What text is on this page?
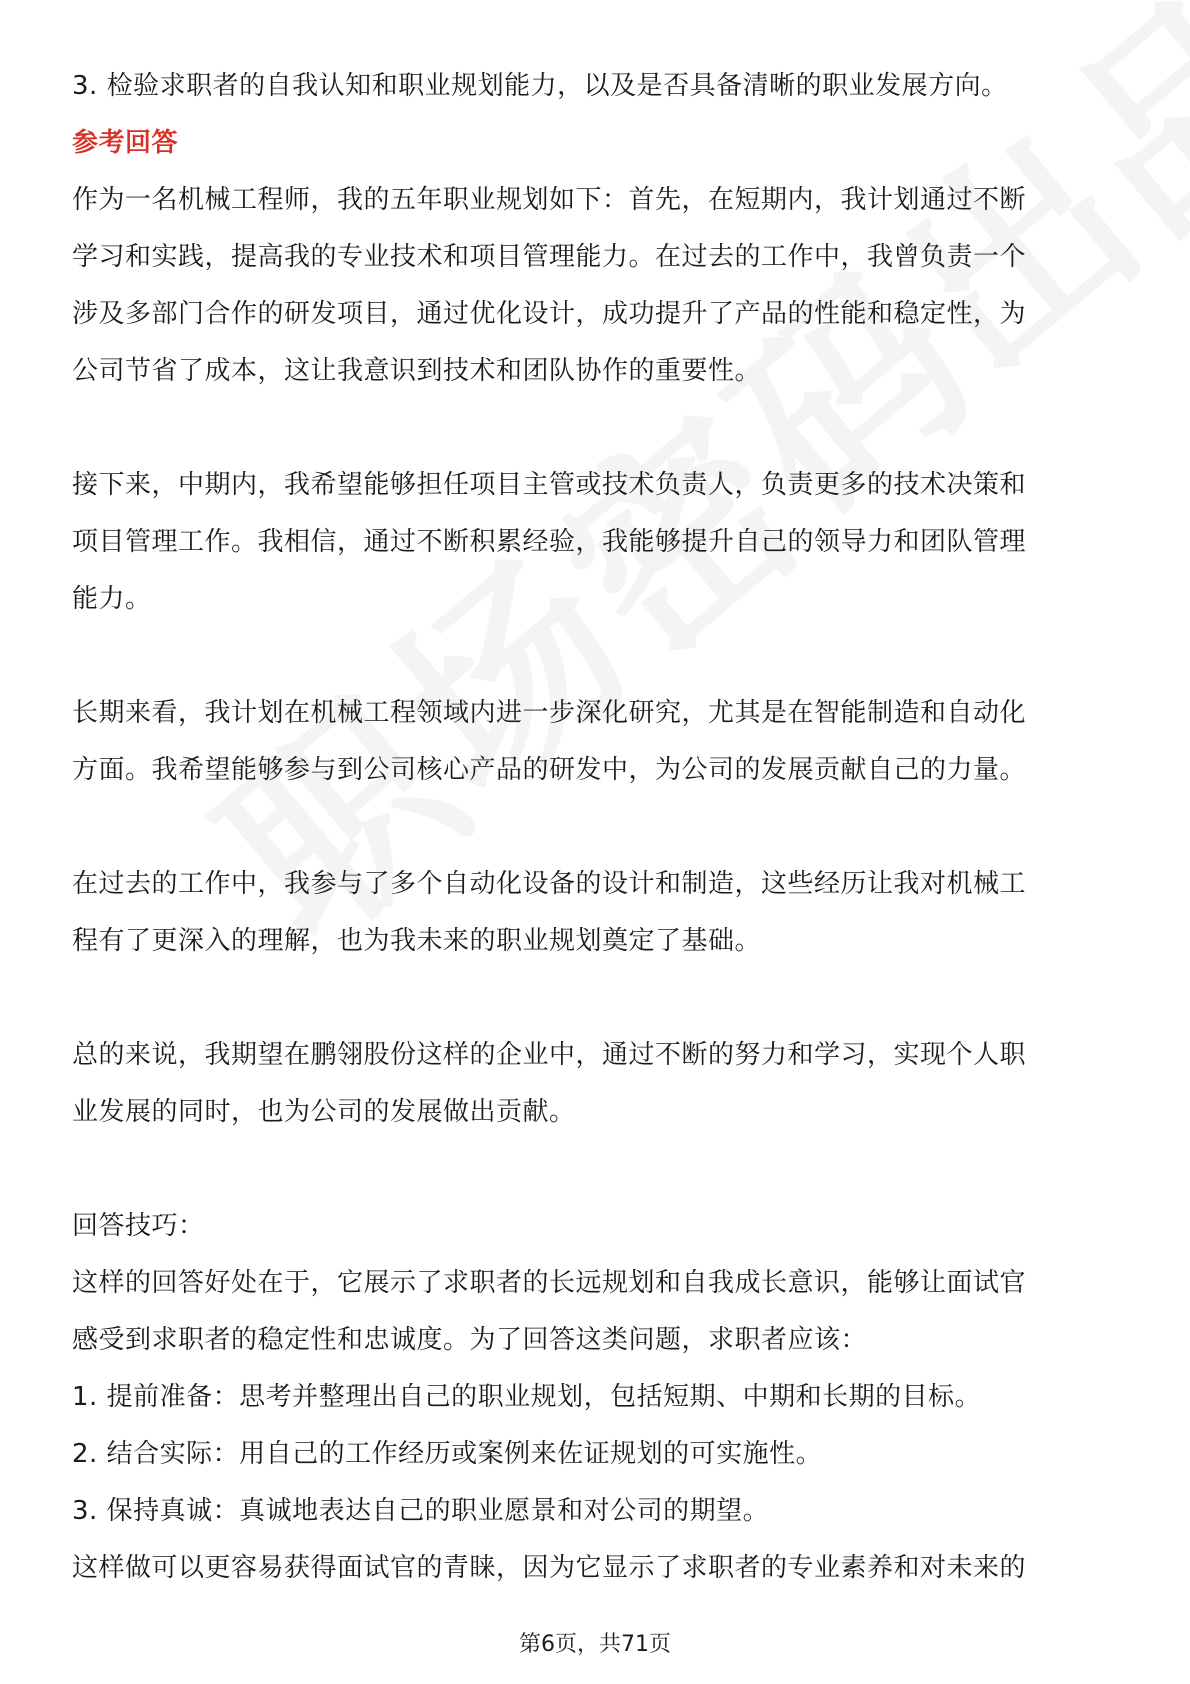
3. 检验求职者的自我认知和职业规划能力，以及是否具备清晰的职业发展方向。
参考回答
作为一名机械工程师，我的五年职业规划如下：首先，在短期内，我计划通过不断
学习和实践，提高我的专业技术和项目管理能力。在过去的工作中，我曾负责一个
涉及多部门合作的研发项目，通过优化设计，成功提升了产品的性能和稳定性，为
公司节省了成本，这让我意识到技术和团队协作的重要性。
接下来，中期内，我希望能够担任项目主管或技术负责人，负责更多的技术决策和
项目管理工作。我相信，通过不断积累经验，我能够提升自己的领导力和团队管理
能力。
长期来看，我计划在机械工程领域内进一步深化研究，尤其是在智能制造和自动化
方面。我希望能够参与到公司核心产品的研发中，为公司的发展贡献自己的力量。
在过去的工作中，我参与了多个自动化设备的设计和制造，这些经历让我对机械工
程有了更深入的理解，也为我未来的职业规划奠定了基础。
总的来说，我期望在鹏翎股份这样的企业中，通过不断的努力和学习，实现个人职
业发展的同时，也为公司的发展做出贡献。
回答技巧：
这样的回答好处在于，它展示了求职者的长远规划和自我成长意识，能够让面试官
感受到求职者的稳定性和忠诚度。为了回答这类问题，求职者应该：
1. 提前准备：思考并整理出自己的职业规划，包括短期、中期和长期的目标。
2. 结合实际：用自己的工作经历或案例来佐证规划的可实施性。
3. 保持真诚：真诚地表达自己的职业愿景和对公司的期望。
这样做可以更容易获得面试官的青睐，因为它显示了求职者的专业素养和对未来的
第6页，共71页
